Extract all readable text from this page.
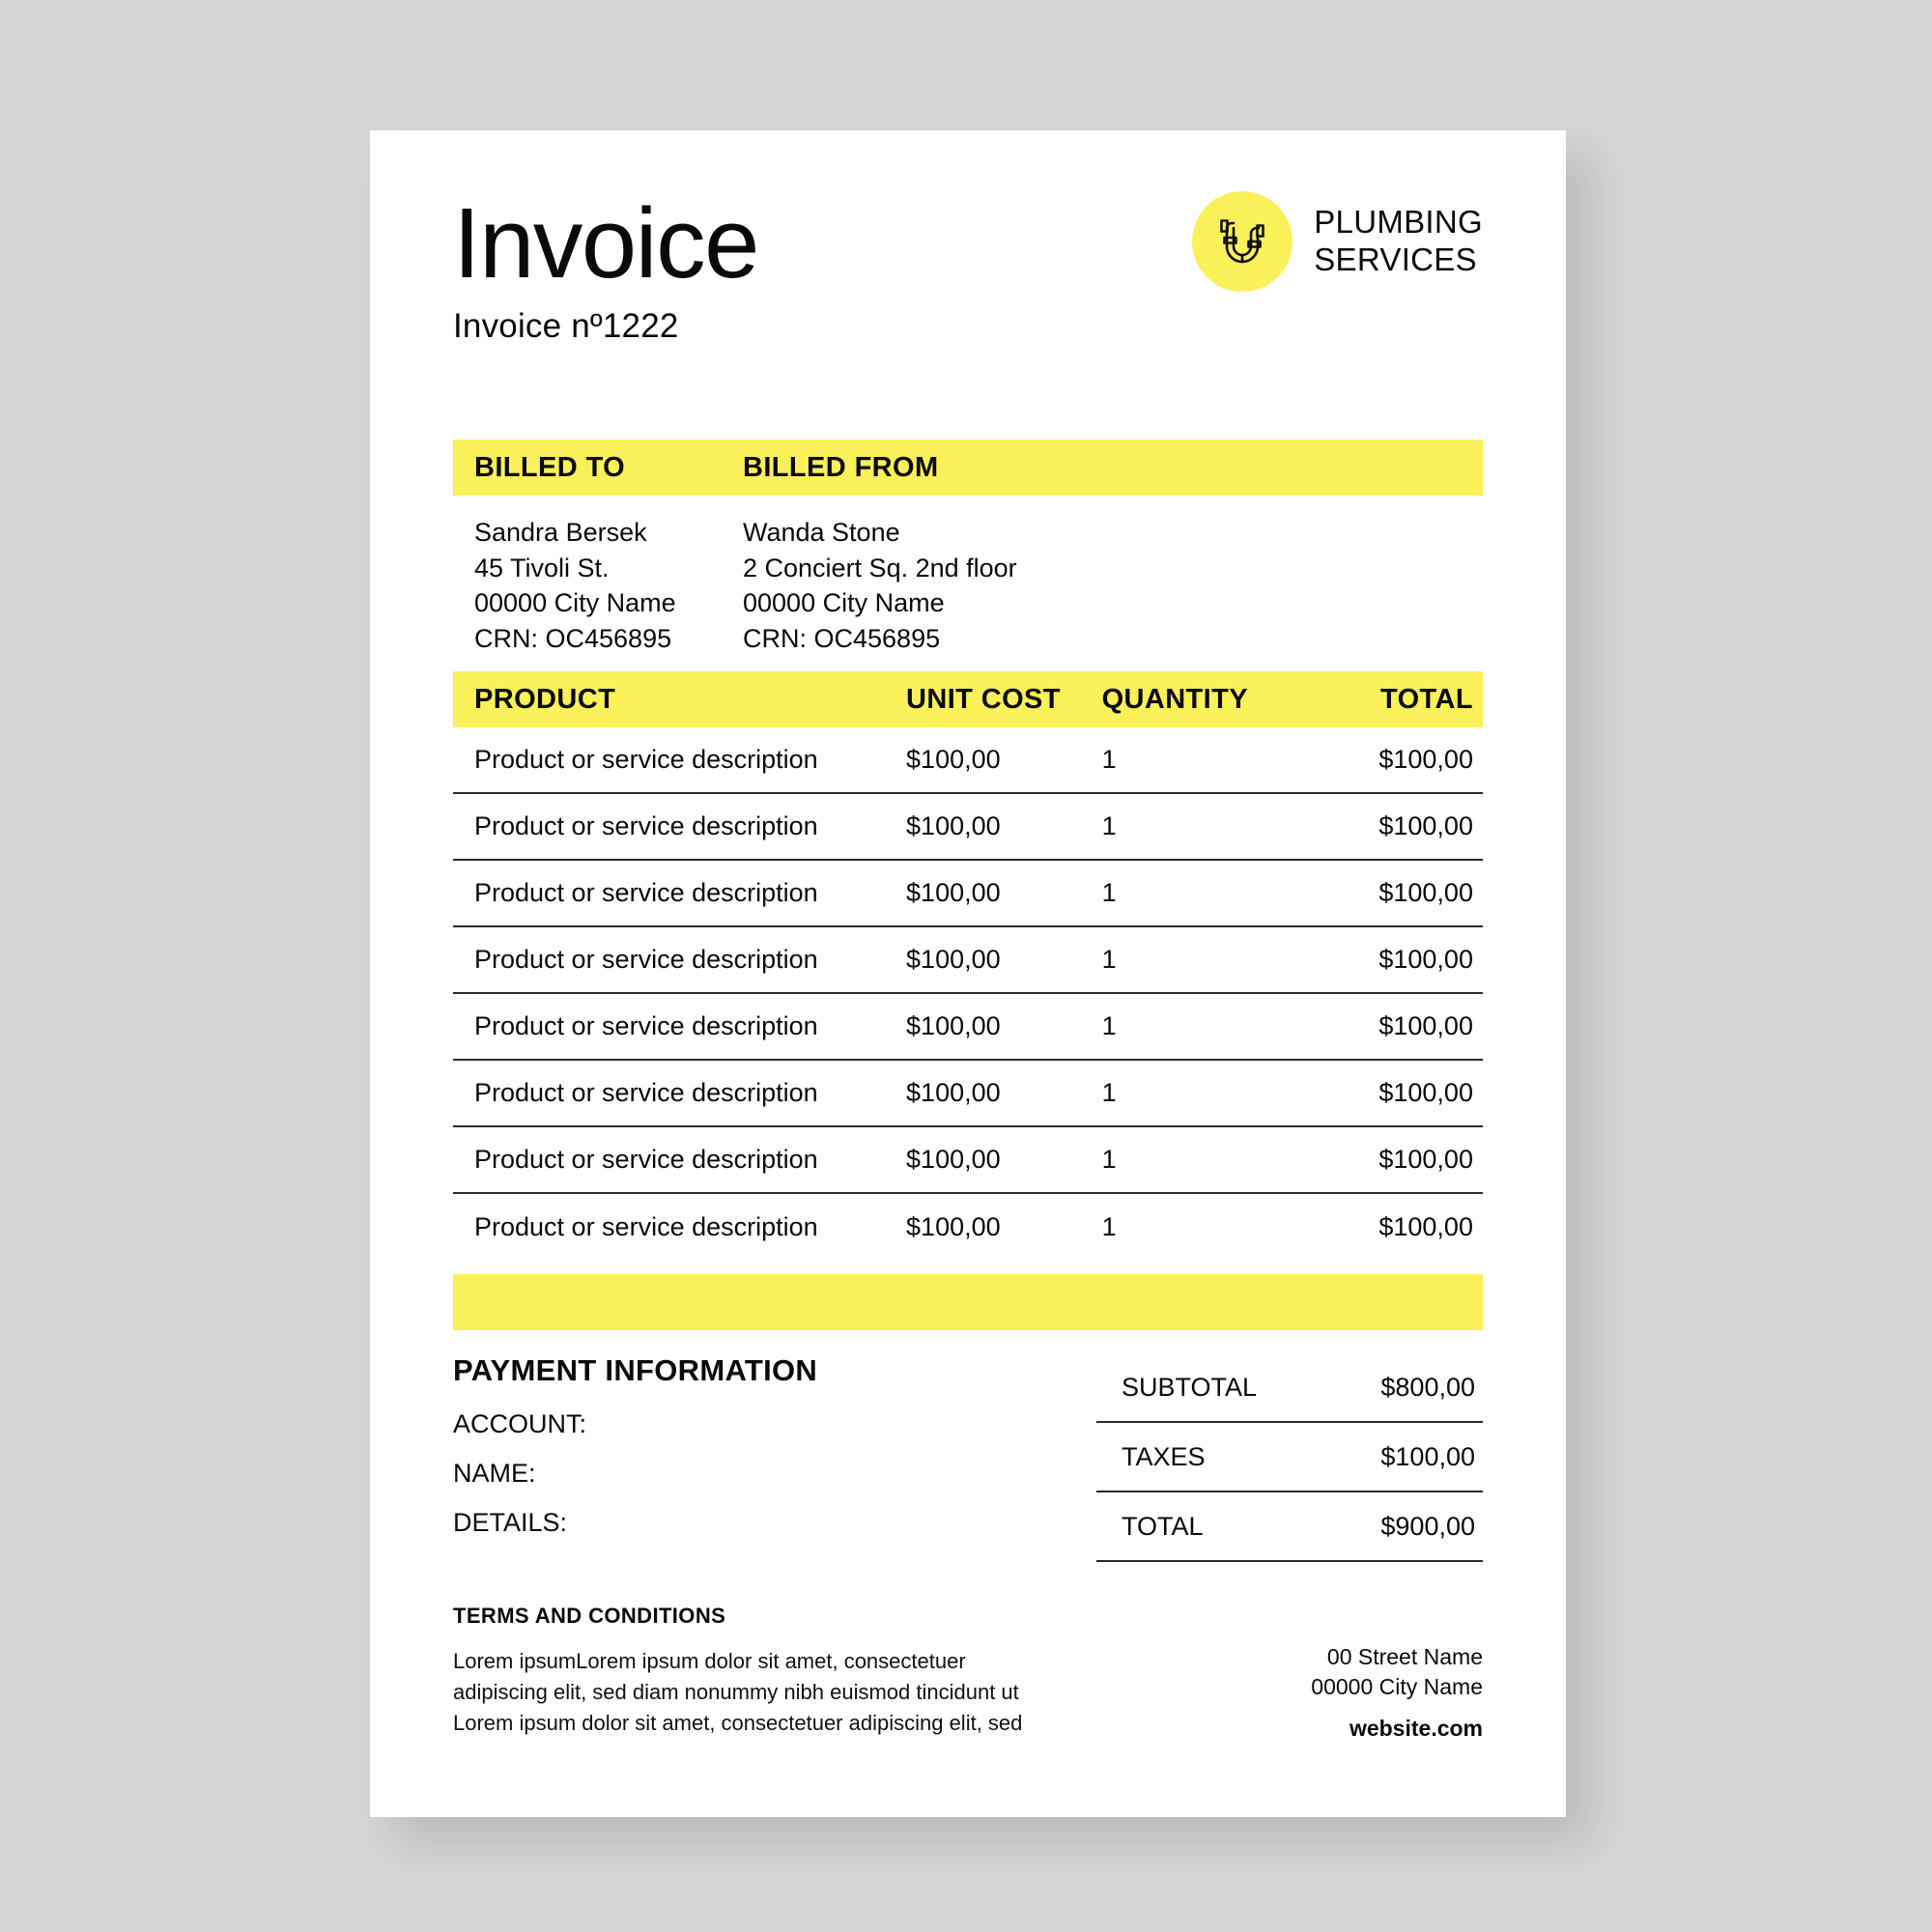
Invoice
Invoice nº1222
PLUMBING
SERVICES
BILLED TO	BILLED FROM
Sandra Bersek
45 Tivoli St.
00000 City Name
CRN: OC456895
Wanda Stone
2 Conciert Sq. 2nd floor
00000 City Name
CRN: OC456895
PRODUCT	UNIT COST	QUANTITY	TOTAL
Product or service description	$100,00	1	$100,00
Product or service description	$100,00	1	$100,00
Product or service description	$100,00	1	$100,00
Product or service description	$100,00	1	$100,00
Product or service description	$100,00	1	$100,00
Product or service description	$100,00	1	$100,00
Product or service description	$100,00	1	$100,00
Product or service description	$100,00	1	$100,00
PAYMENT INFORMATION
ACCOUNT:
NAME:
DETAILS:
SUBTOTAL	$800,00
TAXES	$100,00
TOTAL	$900,00
TERMS AND CONDITIONS
Lorem ipsumLorem ipsum dolor sit amet, consectetuer adipiscing elit, sed diam nonummy nibh euismod tincidunt ut Lorem ipsum dolor sit amet, consectetuer adipiscing elit, sed
00 Street Name
00000 City Name
website.com
